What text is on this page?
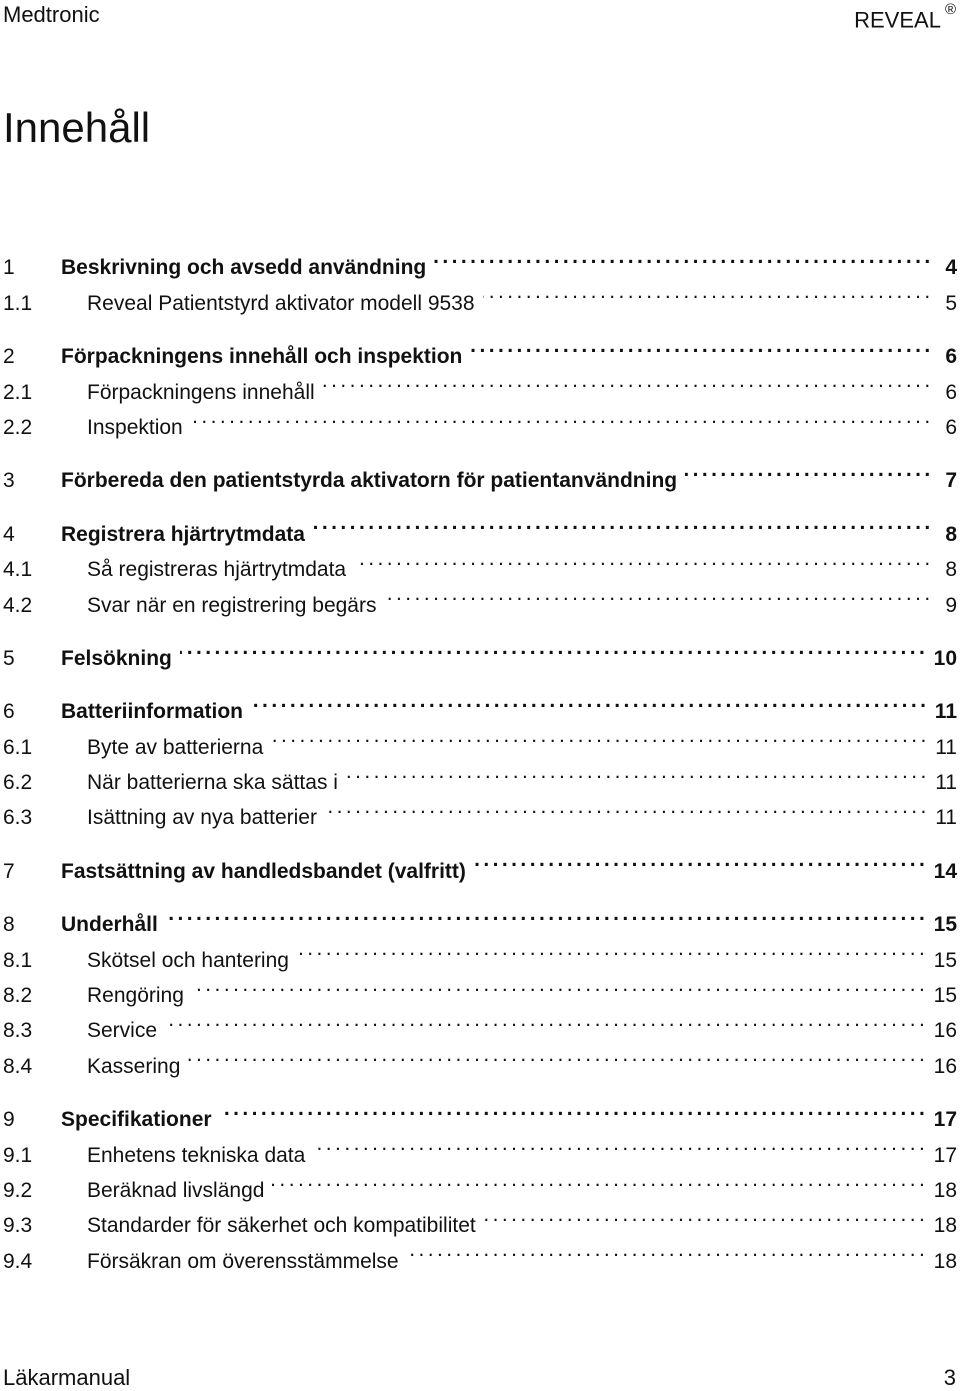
Medtronic	REVEAL ®
Innehåll
1	Beskrivning och avsedd användning . . .	4
1.1	Reveal Patientstyrd aktivator modell 9538 . . .	5
2	Förpackningens innehåll och inspektion . . .	6
2.1	Förpackningens innehåll . . .	6
2.2	Inspektion . . .	6
3	Förbereda den patientstyrda aktivatorn för patientanvändning . . .	7
4	Registrera hjärtrytmdata . . .	8
4.1	Så registreras hjärtrytmdata . . .	8
4.2	Svar när en registrering begärs . . .	9
5	Felsökning . . .	10
6	Batteriinformation . . .	11
6.1	Byte av batterierna . . .	11
6.2	När batterierna ska sättas i . . .	11
6.3	Isättning av nya batterier . . .	11
7	Fastsättning av handledsbandet (valfritt) . . .	14
8	Underhåll . . .	15
8.1	Skötsel och hantering . . .	15
8.2	Rengöring . . .	15
8.3	Service . . .	16
8.4	Kassering . . .	16
9	Specifikationer . . .	17
9.1	Enhetens tekniska data . . .	17
9.2	Beräknad livslängd . . .	18
9.3	Standarder för säkerhet och kompatibilitet . . .	18
9.4	Försäkran om överensstämmelse . . .	18
Läkarmanual	3
